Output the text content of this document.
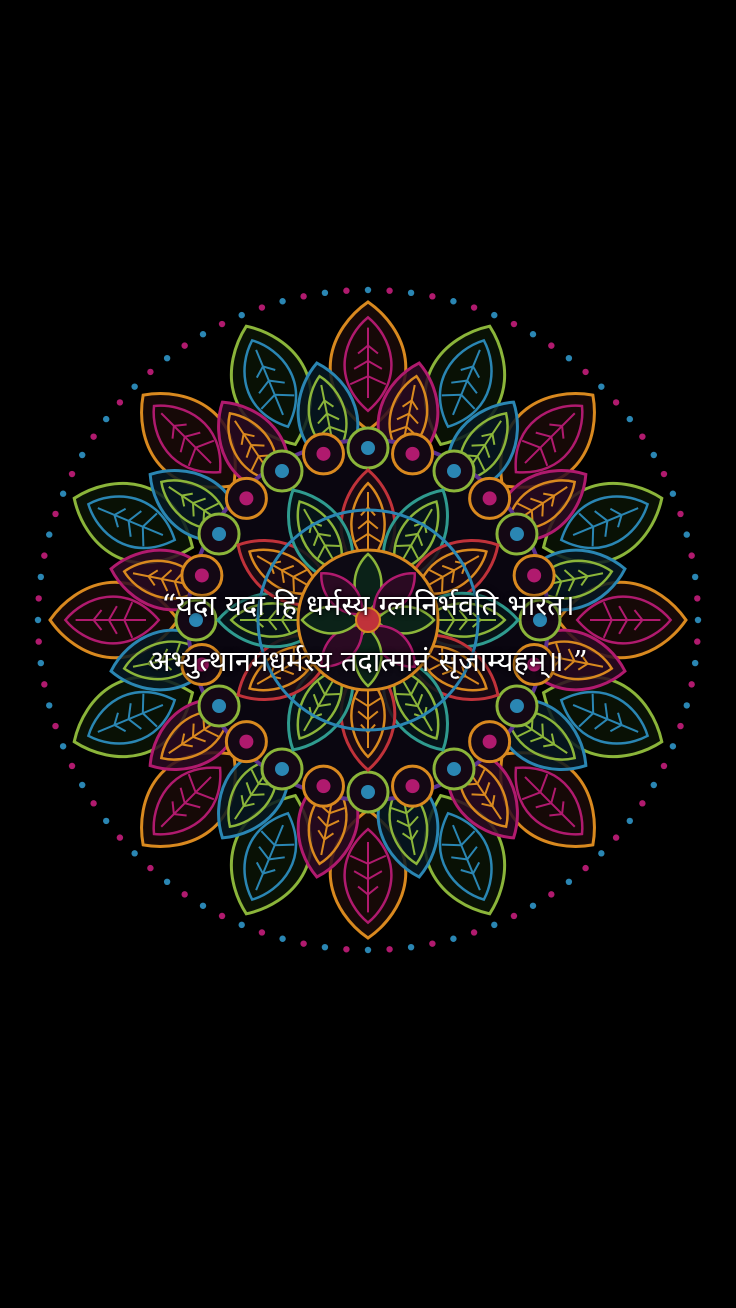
“यदा यदा हि धर्मस्य ग्लानिर्भवति भारत।
अभ्युत्थानमधर्मस्य तदात्मानं सृजाम्यहम्॥ ”
